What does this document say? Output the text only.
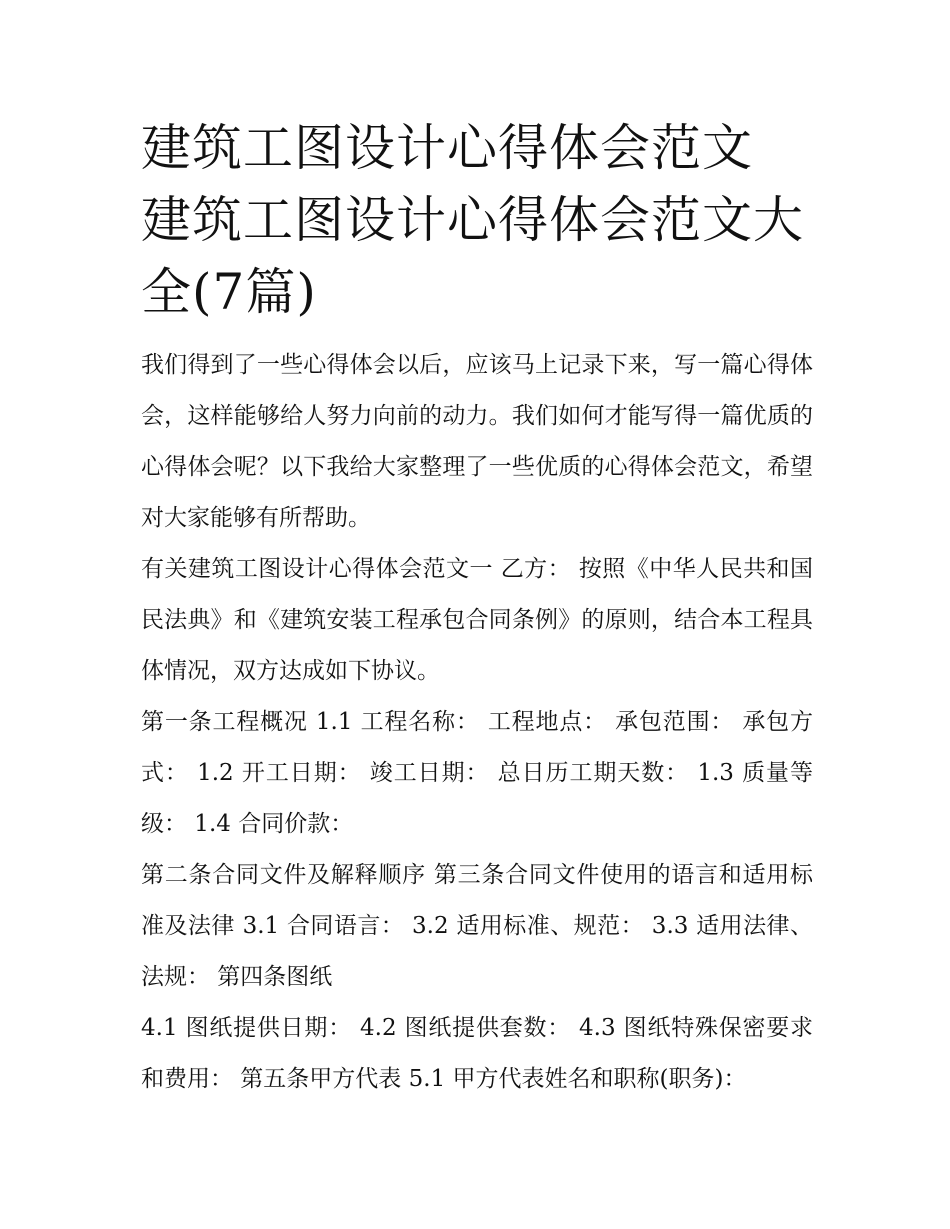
建筑工图设计心得体会范文 建筑工图设计心得体会范文大全(7篇)

我们得到了一些心得体会以后，应该马上记录下来，写一篇心得体会，这样能够给人努力向前的动力。我们如何才能写得一篇优质的心得体会呢？以下我给大家整理了一些优质的心得体会范文，希望对大家能够有所帮助。

有关建筑工图设计心得体会范文一 乙方： 按照《中华人民共和国民法典》和《建筑安装工程承包合同条例》的原则，结合本工程具体情况，双方达成如下协议。

第一条工程概况 1.1 工程名称： 工程地点： 承包范围： 承包方式： 1.2 开工日期： 竣工日期： 总日历工期天数： 1.3 质量等级： 1.4 合同价款：

第二条合同文件及解释顺序 第三条合同文件使用的语言和适用标准及法律 3.1 合同语言： 3.2 适用标准、规范： 3.3 适用法律、法规： 第四条图纸

4.1 图纸提供日期： 4.2 图纸提供套数： 4.3 图纸特殊保密要求和费用： 第五条甲方代表 5.1 甲方代表姓名和职称(职务)：
